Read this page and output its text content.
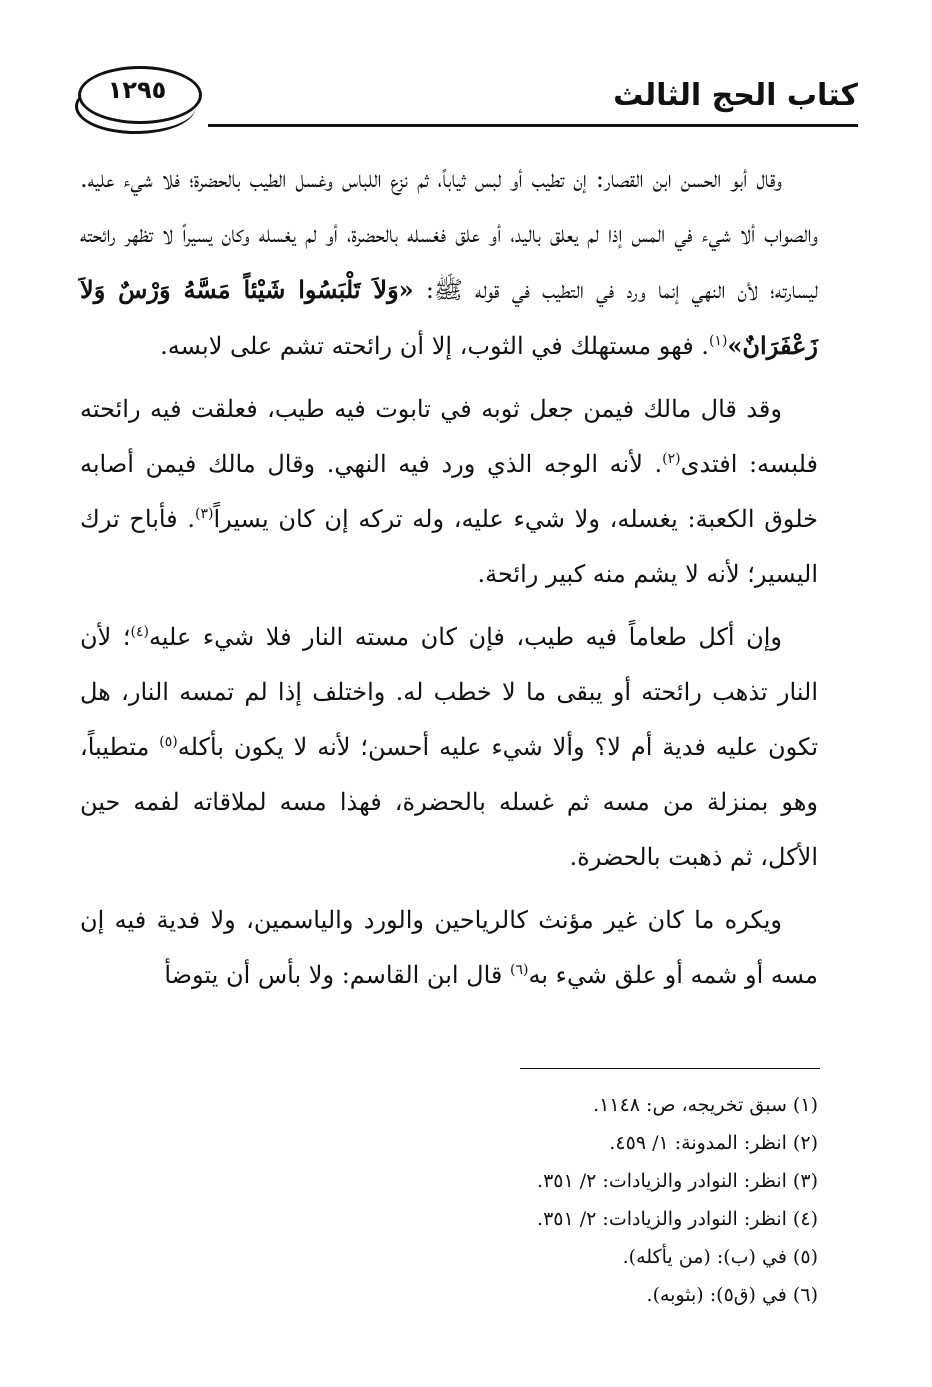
١٢٩٥	كتاب الحج الثالث

وقال أبو الحسن ابن القصار: إن تطيب أو لبس ثياباً، ثم نزع اللباس وغسل الطيب بالحضرة؛ فلا شيء عليه. والصواب ألا شيء في المس إذا لم يعلق باليد، أو علق فغسله بالحضرة، أو لم يغسله وكان يسيراً لا تظهر رائحته ليسارته؛ لأن النهي إنما ورد في التطيب في قوله ﷺ: «وَلاَ تَلْبَسُوا شَيْئاً مَسَّهُ وَرْسٌ وَلاَ زَعْفَرَانٌ»$^{(١)}$. فهو مستهلك في الثوب، إلا أن رائحته تشم على لابسه.

وقد قال مالك فيمن جعل ثوبه في تابوت فيه طيب، فعلقت فيه رائحته فلبسه: افتدى$^{(٢)}$. لأنه الوجه الذي ورد فيه النهي. وقال مالك فيمن أصابه خلوق الكعبة: يغسله، ولا شيء عليه، وله تركه إن كان يسيراً$^{(٣)}$. فأباح ترك اليسير؛ لأنه لا يشم منه كبير رائحة.

وإن أكل طعاماً فيه طيب، فإن كان مسته النار فلا شيء عليه$^{(٤)}$؛ لأن النار تذهب رائحته أو يبقى ما لا خطب له. واختلف إذا لم تمسه النار، هل تكون عليه فدية أم لا؟ وألا شيء عليه أحسن؛ لأنه لا يكون بأكله$^{(٥)}$ متطيباً، وهو بمنزلة من مسه ثم غسله بالحضرة، فهذا مسه لملاقاته لفمه حين الأكل، ثم ذهبت بالحضرة.

ويكره ما كان غير مؤنث كالرياحين والورد والياسمين، ولا فدية فيه إن مسه أو شمه أو علق شيء به$^{(٦)}$ قال ابن القاسم: ولا بأس أن يتوضأ

(١) سبق تخريجه، ص: ١١٤٨.

(٢) انظر: المدونة: ١/ ٤٥٩.

(٣) انظر: النوادر والزيادات: ٢/ ٣٥١.

(٤) انظر: النوادر والزيادات: ٢/ ٣٥١.

(٥) في (ب): (من يأكله).

(٦) في (ق٥): (بثوبه).
